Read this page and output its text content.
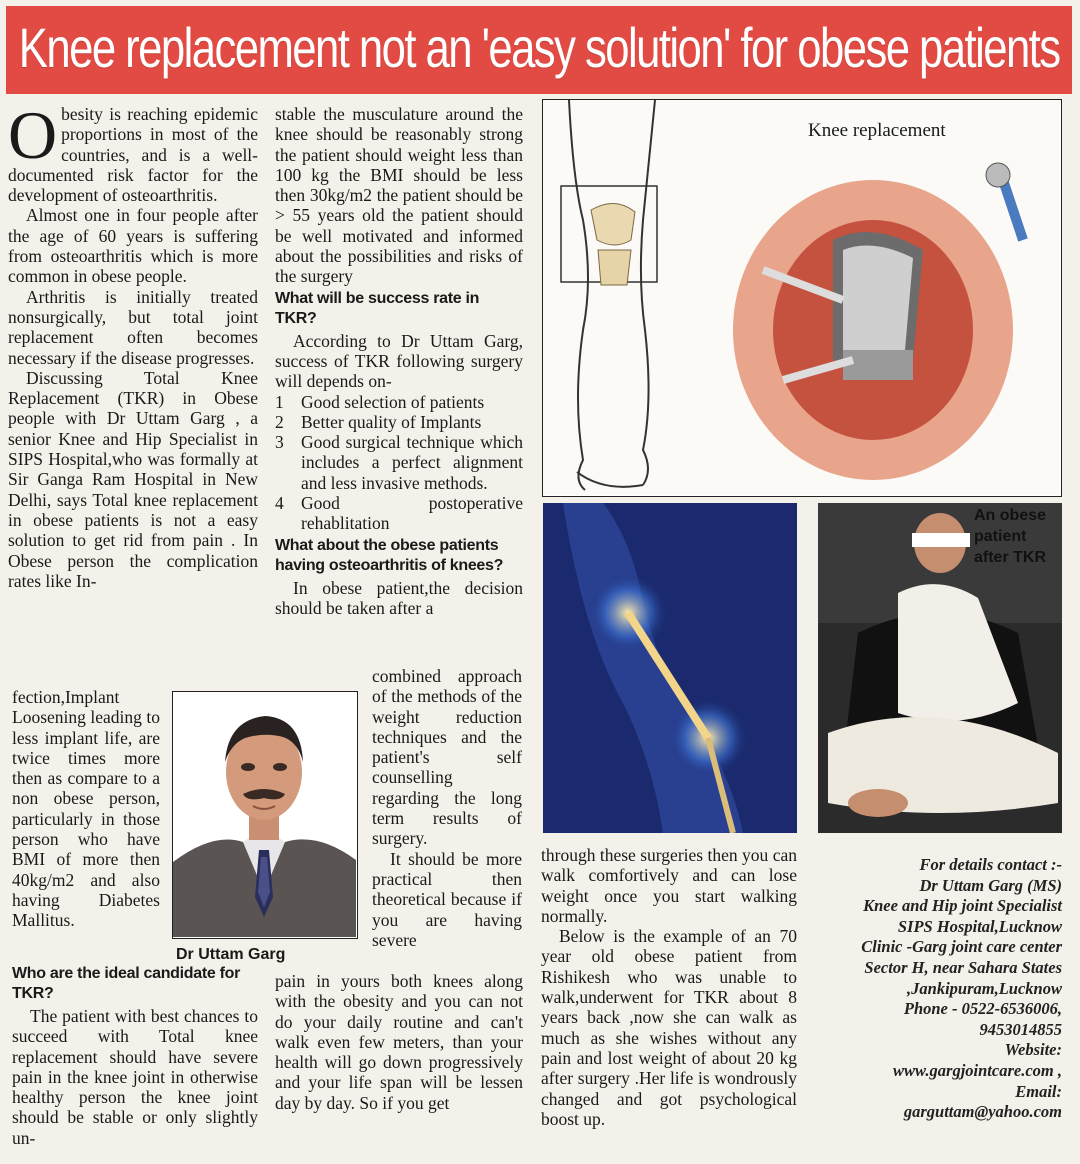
Knee replacement not an 'easy solution' for obese patients

Obesity is reaching epidemic proportions in most of the countries, and is a well-documented risk factor for the development of osteoarthritis.

Almost one in four people after the age of 60 years is suffering from osteoarthritis which is more common in obese people.

Arthritis is initially treated nonsurgically, but total joint replacement often becomes necessary if the disease progresses.

Discussing Total Knee Replacement (TKR) in Obese people with Dr Uttam Garg , a senior Knee and Hip Specialist in SIPS Hospital,who was formally at Sir Ganga Ram Hospital in New Delhi, says Total knee replacement in obese patients is not a easy solution to get rid from pain . In Obese person the complication rates like In-

fection,Implant Loosening leading to less implant life, are twice times more then as compare to a non obese person, particularly in those person who have BMI of more then 40kg/m2 and also having Diabetes Mallitus.

Who are the ideal candidate for TKR?

The patient with best chances to succeed with Total knee replacement should have severe pain in the knee joint in otherwise healthy person the knee joint should be stable or only slightly un-

Dr Uttam Garg

stable the musculature around the knee should be reasonably strong the patient should weight less than 100 kg the BMI should be less then 30kg/m2 the patient should be > 55 years old the patient should be well motivated and informed about the possibilities and risks of the surgery

What will be success rate in TKR?

According to Dr Uttam Garg, success of TKR following surgery will depends on-

1 Good selection of patients
2 Better quality of Implants
3 Good surgical technique which includes a perfect alignment and less invasive methods.
4 Good postoperative rehablitation
What about the obese patients having osteoarthritis of knees?

In obese patient,the decision should be taken after a

combined approach of the methods of the weight reduction techniques and the patient's self counselling regarding the long term results of surgery.

It should be more practical then theoretical because if you are having severe

pain in yours both knees along with the obesity and you can not do your daily routine and can't walk even few meters, than your health will go down progressively and your life span will be lessen day by day. So if you get

Knee replacement
An obese patient after TKR

through these surgeries then you can walk comfortively and can lose weight once you start walking normally.

Below is the example of an 70 year old obese patient from Rishikesh who was unable to walk,underwent for TKR about 8 years back ,now she can walk as much as she wishes without any pain and lost weight of about 20 kg after surgery .Her life is wondrously changed and got psychological boost up.

For details contact :-
Dr Uttam Garg (MS)
Knee and Hip joint Specialist
SIPS Hospital,Lucknow
Clinic -Garg joint care center
Sector H, near Sahara States
,Jankipuram,Lucknow
Phone - 0522-6536006,
9453014855
Website:
www.gargjointcare.com ,
Email:
garguttam@yahoo.com
